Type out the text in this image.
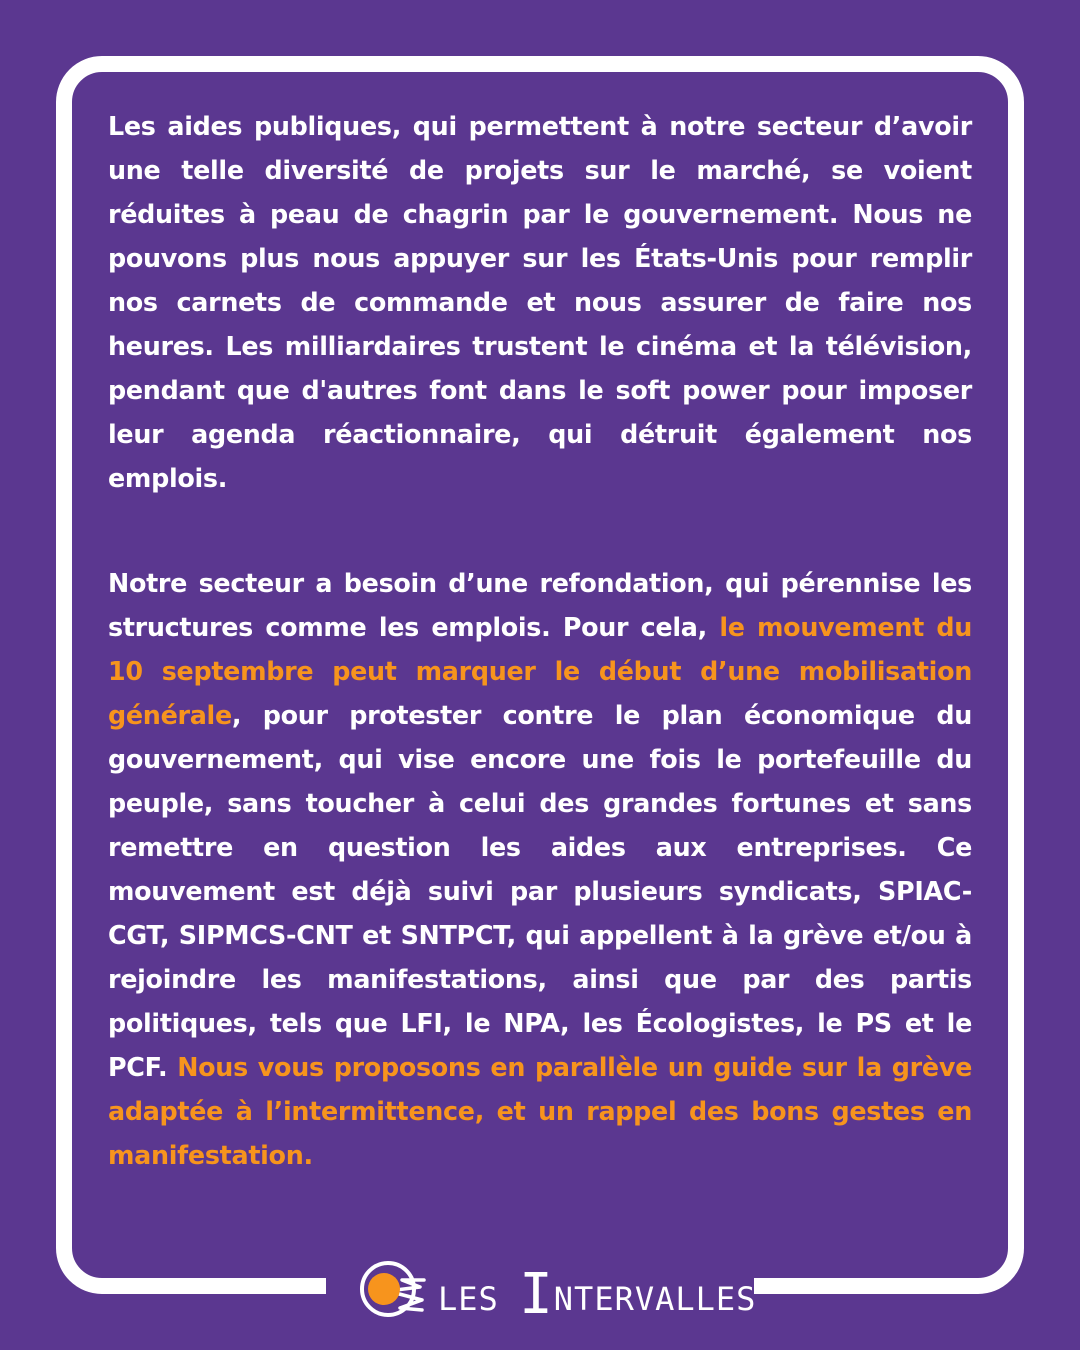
Les aides publiques, qui permettent à notre secteur d’avoir une telle diversité de projets sur le marché, se voient réduites à peau de chagrin par le gouvernement. Nous ne pouvons plus nous appuyer sur les États-Unis pour remplir nos carnets de commande et nous assurer de faire nos heures. Les milliardaires trustent le cinéma et la télévision, pendant que d'autres font dans le soft power pour imposer leur agenda réactionnaire, qui détruit également nos emplois.

Notre secteur a besoin d’une refondation, qui pérennise les structures comme les emplois. Pour cela, le mouvement du 10 septembre peut marquer le début d’une mobilisation générale, pour protester contre le plan économique du gouvernement, qui vise encore une fois le portefeuille du peuple, sans toucher à celui des grandes fortunes et sans remettre en question les aides aux entreprises. Ce mouvement est déjà suivi par plusieurs syndicats, SPIAC-CGT, SIPMCS-CNT et SNTPCT, qui appellent à la grève et/ou à rejoindre les manifestations, ainsi que par des partis politiques, tels que LFI, le NPA, les Écologistes, le PS et le PCF. Nous vous proposons en parallèle un guide sur la grève adaptée à l’intermittence, et un rappel des bons gestes en manifestation.

LES INTERVALLES
